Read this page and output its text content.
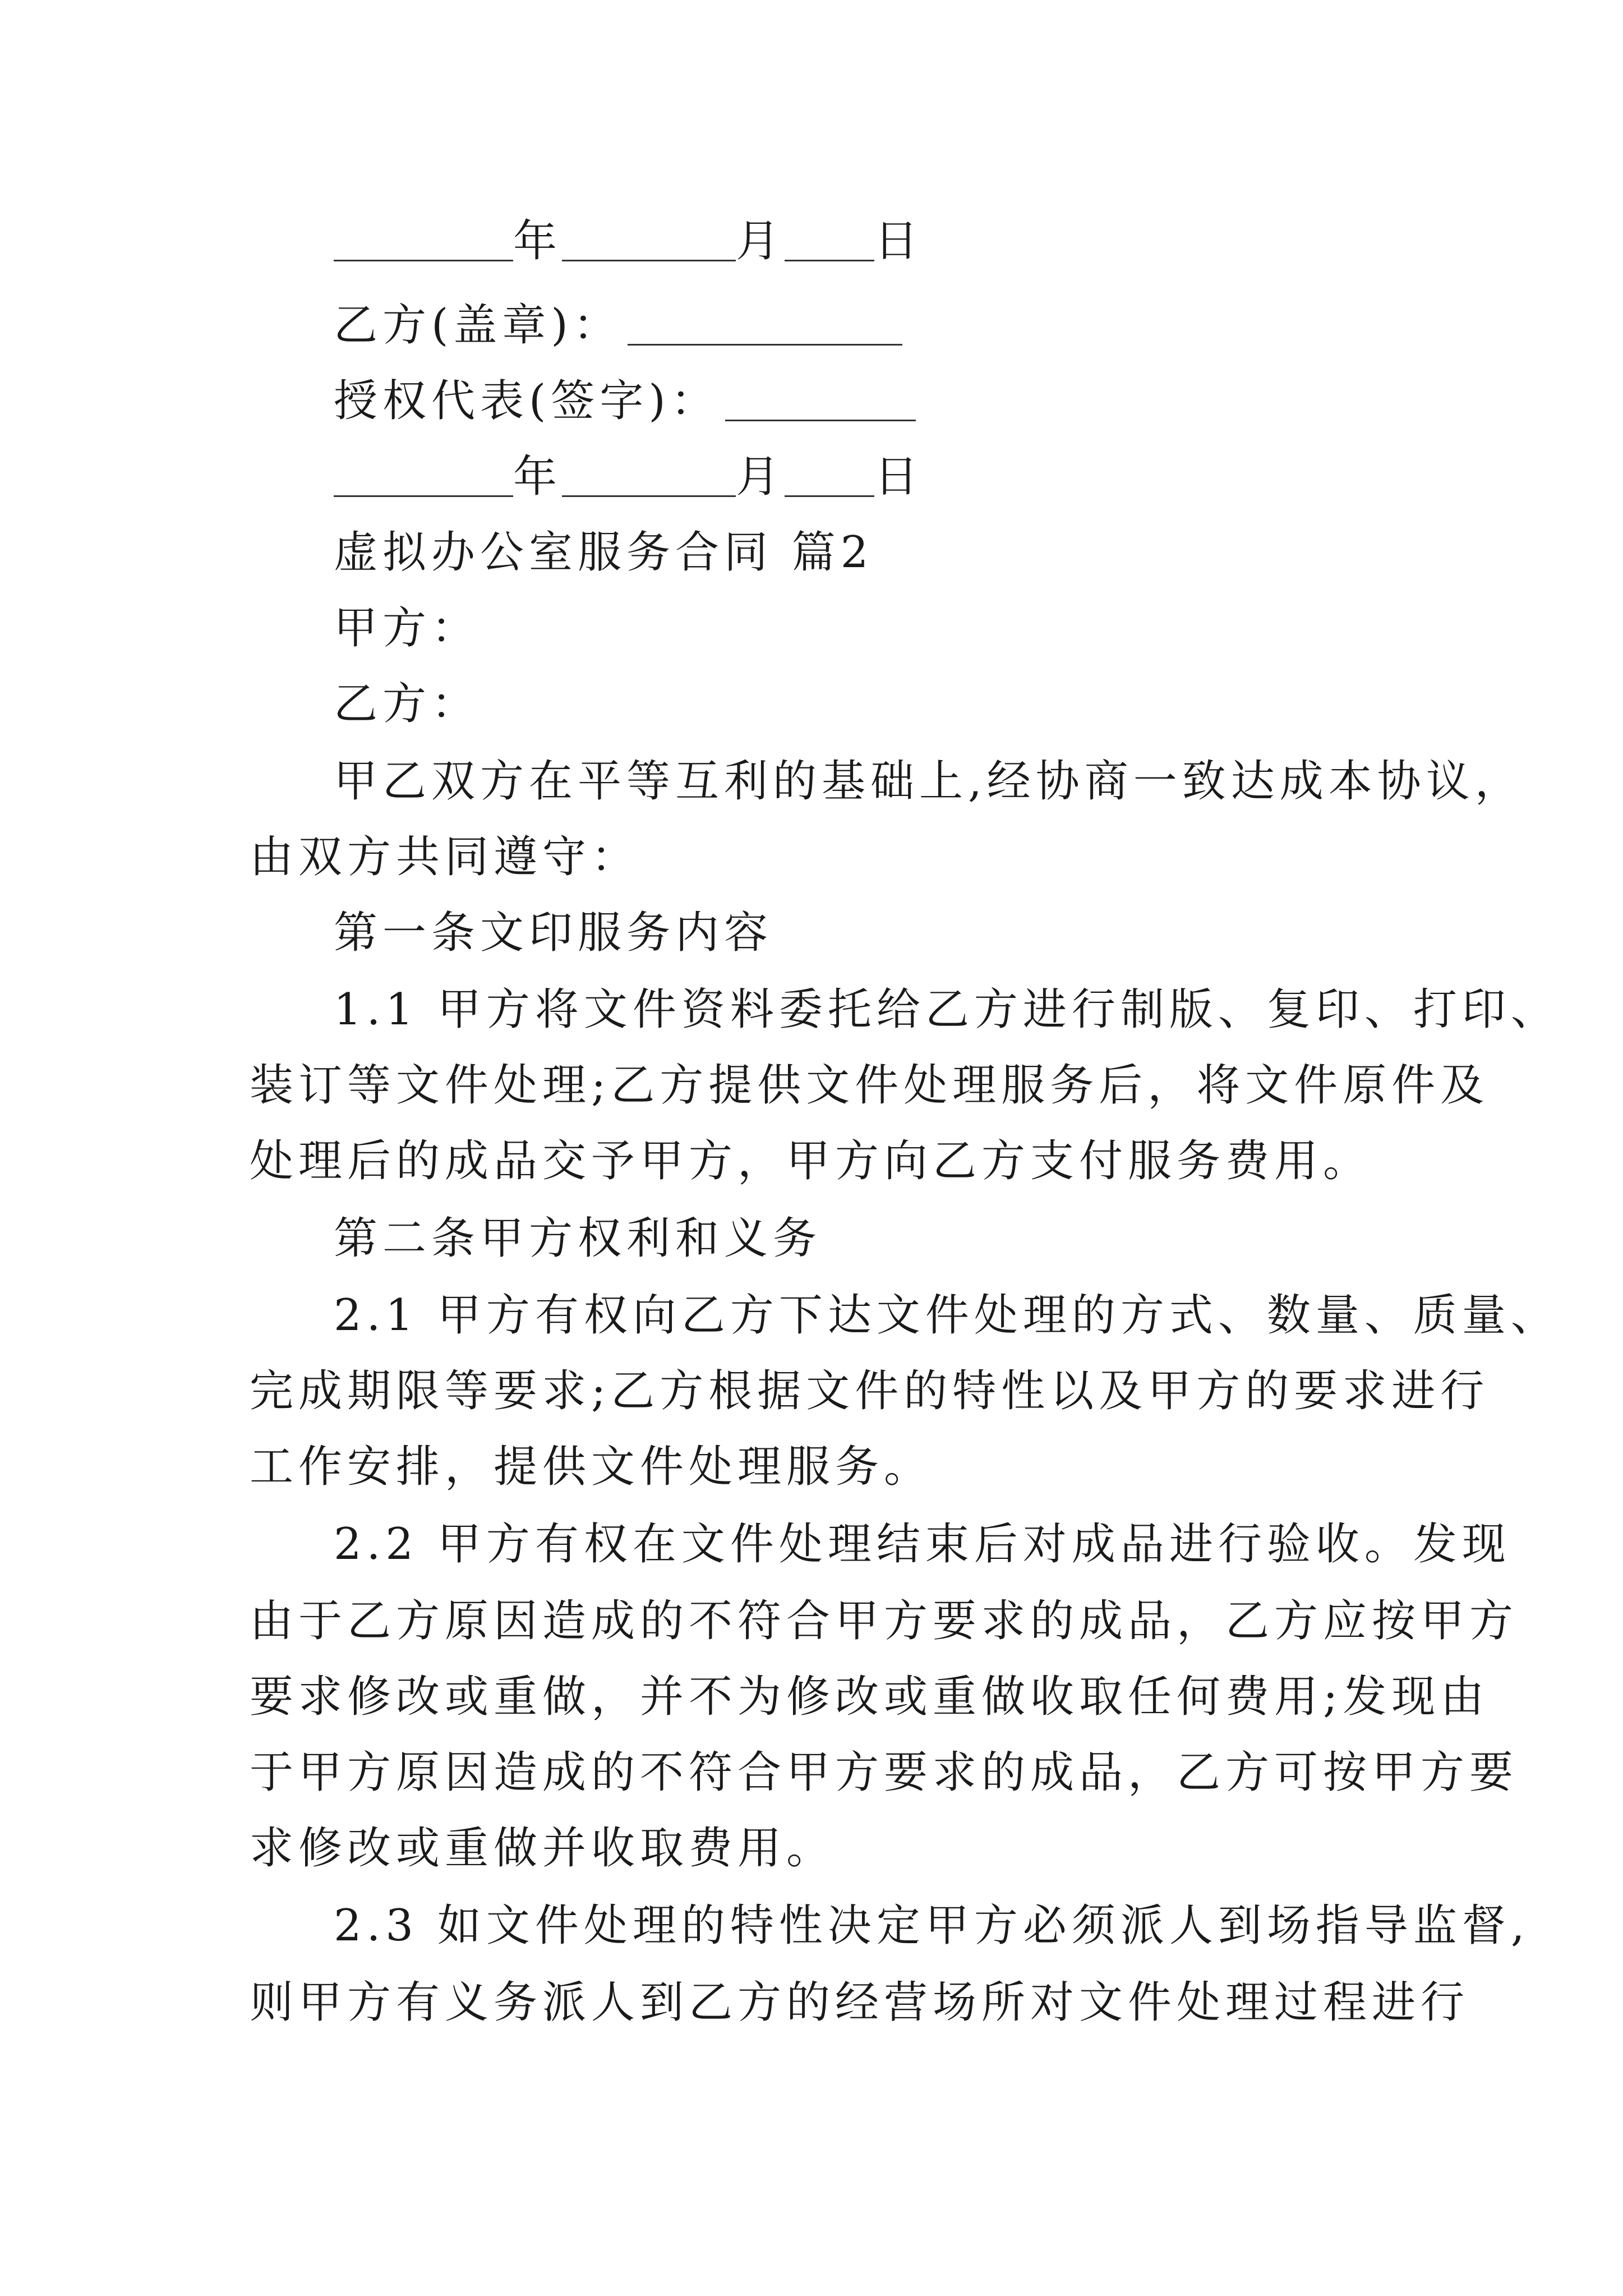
年	月 日
乙方(盖章)：
授权代表(签字)：
年	月 日
虚拟办公室服务合同 篇2
甲方：
乙方：
甲乙双方在平等互利的基础上,经协商一致达成本协议，
由双方共同遵守：
第一条文印服务内容
1.1 甲方将文件资料委托给乙方进行制版、复印、打印、
装订等文件处理;乙方提供文件处理服务后，将文件原件及
处理后的成品交予甲方，甲方向乙方支付服务费用。
第二条甲方权利和义务
2.1 甲方有权向乙方下达文件处理的方式、数量、质量、
完成期限等要求;乙方根据文件的特性以及甲方的要求进行
工作安排，提供文件处理服务。
2.2 甲方有权在文件处理结束后对成品进行验收。发现
由于乙方原因造成的不符合甲方要求的成品，乙方应按甲方
要求修改或重做，并不为修改或重做收取任何费用;发现由
于甲方原因造成的不符合甲方要求的成品，乙方可按甲方要
求修改或重做并收取费用。
2.3 如文件处理的特性决定甲方必须派人到场指导监督,
则甲方有义务派人到乙方的经营场所对文件处理过程进行
